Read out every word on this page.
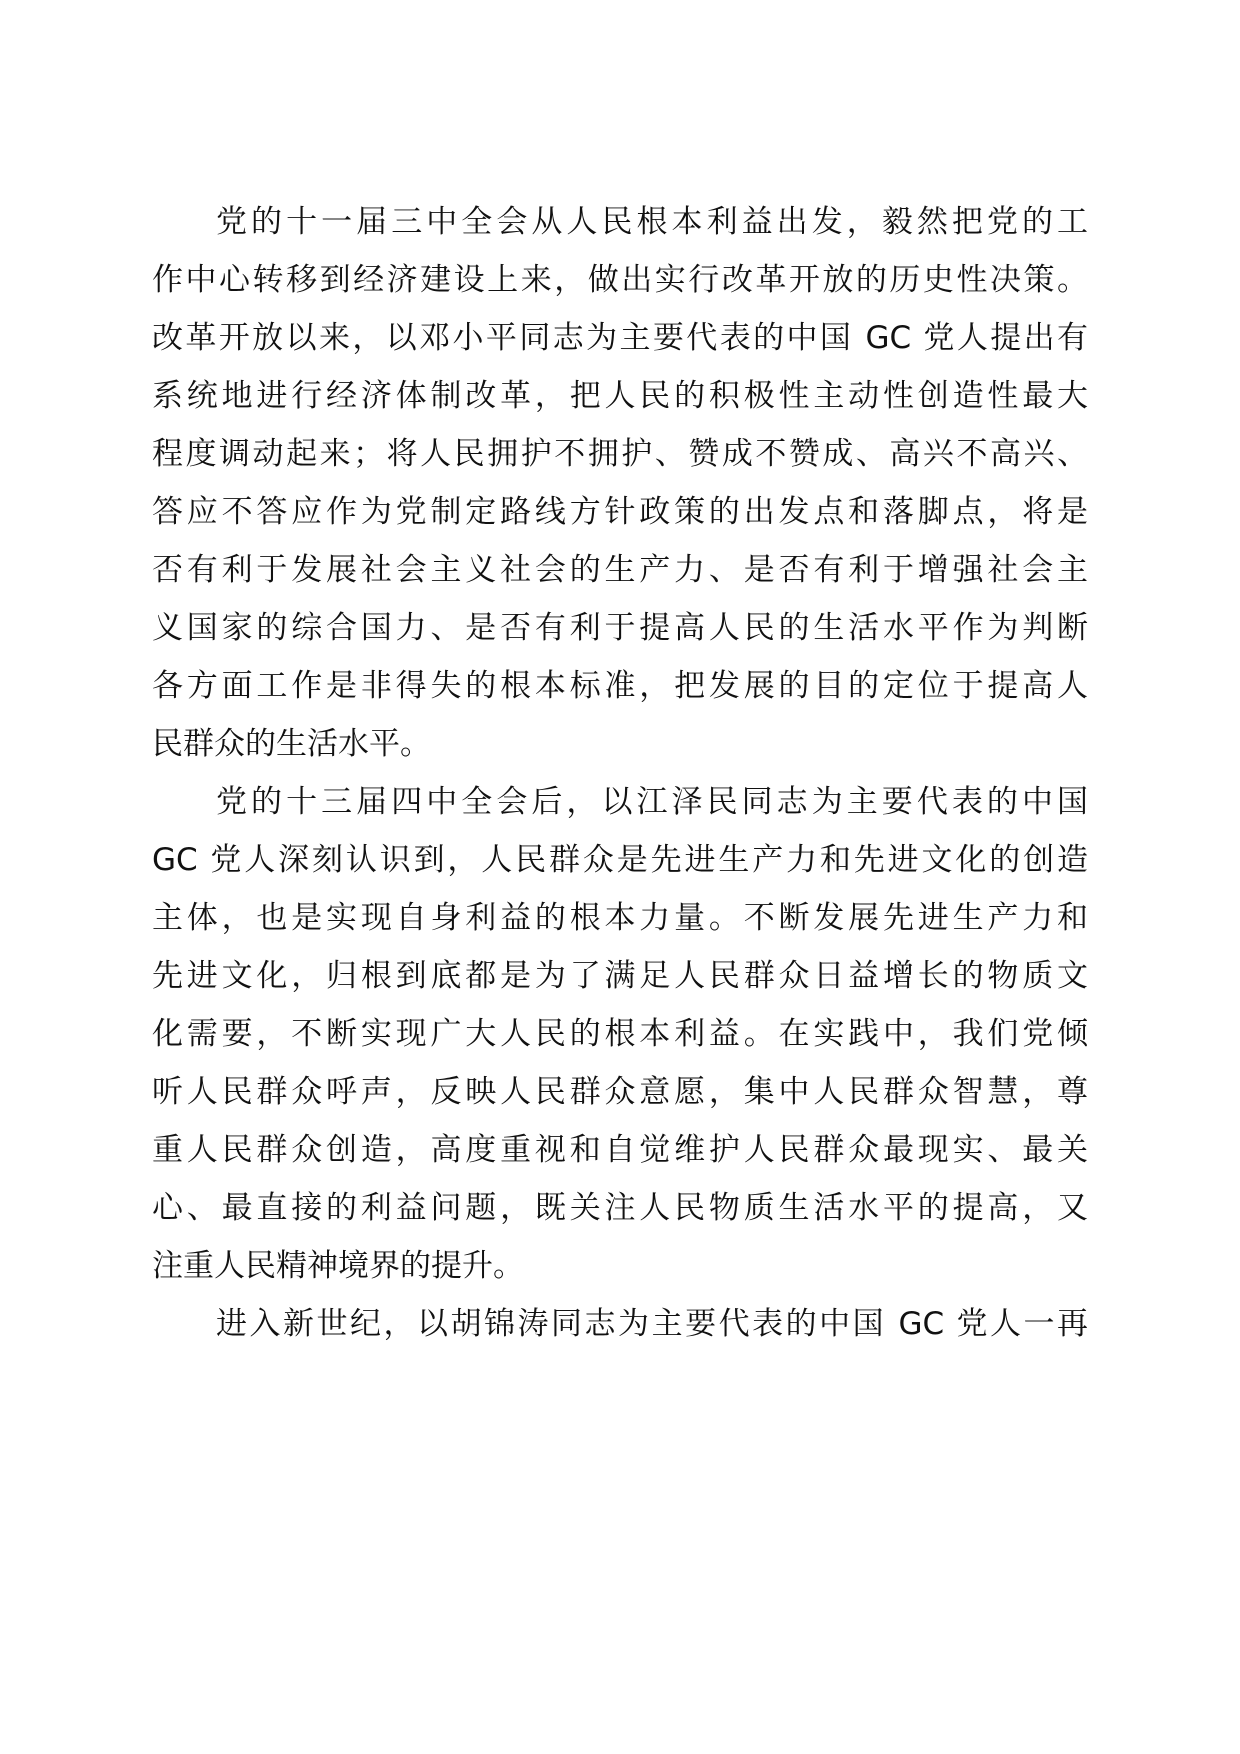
党的十一届三中全会从人民根本利益出发，毅然把党的工
作中心转移到经济建设上来，做出实行改革开放的历史性决策。
改革开放以来，以邓小平同志为主要代表的中国 GC 党人提出有
系统地进行经济体制改革，把人民的积极性主动性创造性最大
程度调动起来；将人民拥护不拥护、赞成不赞成、高兴不高兴、
答应不答应作为党制定路线方针政策的出发点和落脚点，将是
否有利于发展社会主义社会的生产力、是否有利于增强社会主
义国家的综合国力、是否有利于提高人民的生活水平作为判断
各方面工作是非得失的根本标准，把发展的目的定位于提高人
民群众的生活水平。
党的十三届四中全会后，以江泽民同志为主要代表的中国
GC 党人深刻认识到，人民群众是先进生产力和先进文化的创造
主体，也是实现自身利益的根本力量。不断发展先进生产力和
先进文化，归根到底都是为了满足人民群众日益增长的物质文
化需要，不断实现广大人民的根本利益。在实践中，我们党倾
听人民群众呼声，反映人民群众意愿，集中人民群众智慧，尊
重人民群众创造，高度重视和自觉维护人民群众最现实、最关
心、最直接的利益问题，既关注人民物质生活水平的提高，又
注重人民精神境界的提升。
进入新世纪，以胡锦涛同志为主要代表的中国 GC 党人一再
